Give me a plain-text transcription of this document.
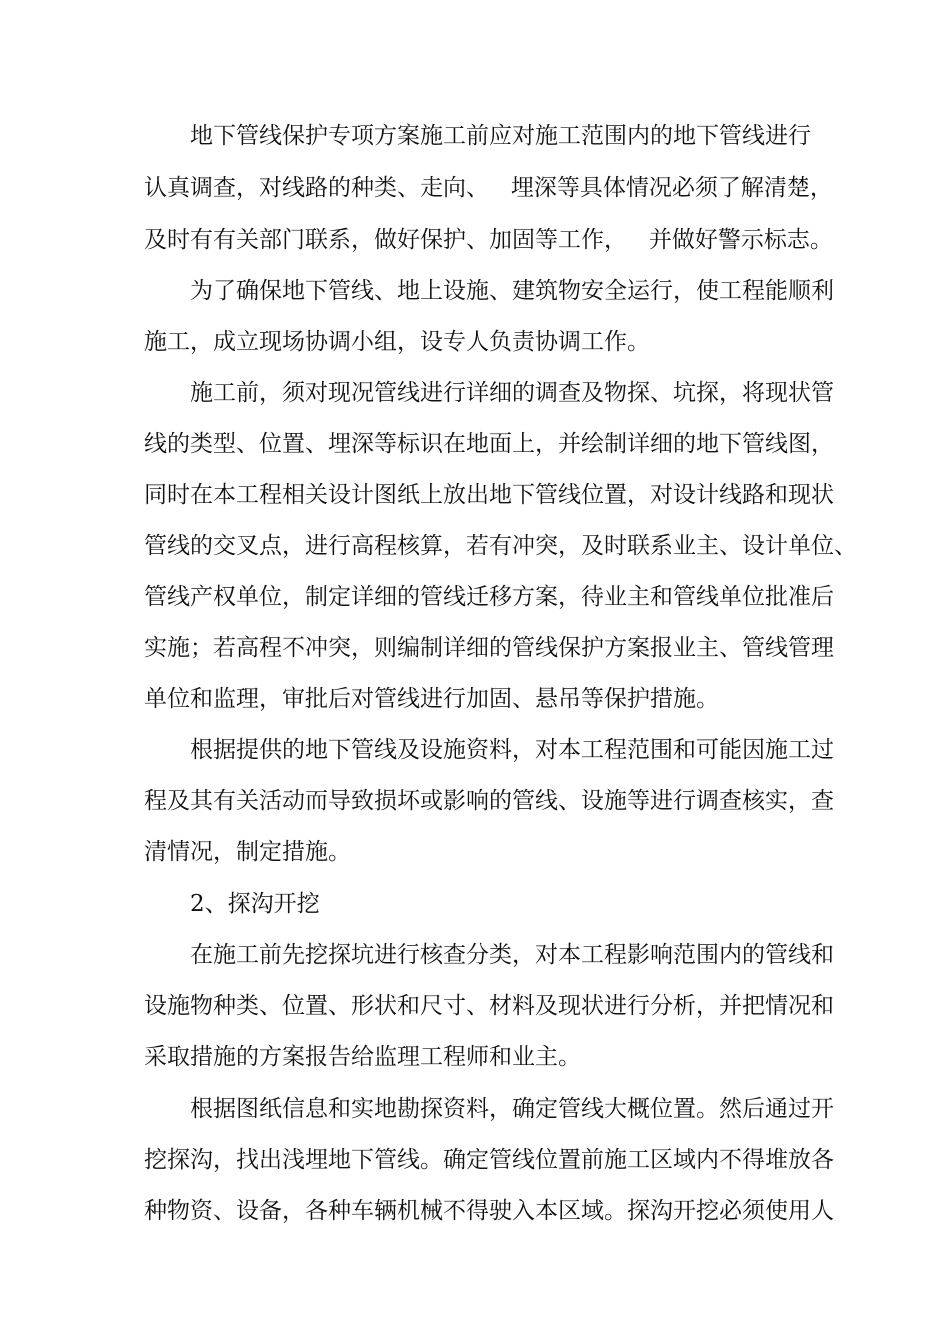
地下管线保护专项方案施工前应对施工范围内的地下管线进行
认真调查，对线路的种类、走向、   埋深等具体情况必须了解清楚，
及时有有关部门联系，做好保护、加固等工作，   并做好警示标志。
为了确保地下管线、地上设施、建筑物安全运行，使工程能顺利
施工，成立现场协调小组，设专人负责协调工作。
施工前，须对现况管线进行详细的调查及物探、坑探，将现状管
线的类型、位置、埋深等标识在地面上，并绘制详细的地下管线图，
同时在本工程相关设计图纸上放出地下管线位置，对设计线路和现状
管线的交叉点，进行高程核算，若有冲突，及时联系业主、设计单位、
管线产权单位，制定详细的管线迁移方案，待业主和管线单位批准后
实施；若高程不冲突，则编制详细的管线保护方案报业主、管线管理
单位和监理，审批后对管线进行加固、悬吊等保护措施。
根据提供的地下管线及设施资料，对本工程范围和可能因施工过
程及其有关活动而导致损坏或影响的管线、设施等进行调查核实，查
清情况，制定措施。
2、探沟开挖
在施工前先挖探坑进行核查分类，对本工程影响范围内的管线和
设施物种类、位置、形状和尺寸、材料及现状进行分析，并把情况和
采取措施的方案报告给监理工程师和业主。
根据图纸信息和实地勘探资料，确定管线大概位置。然后通过开
挖探沟，找出浅埋地下管线。确定管线位置前施工区域内不得堆放各
种物资、设备，各种车辆机械不得驶入本区域。探沟开挖必须使用人
